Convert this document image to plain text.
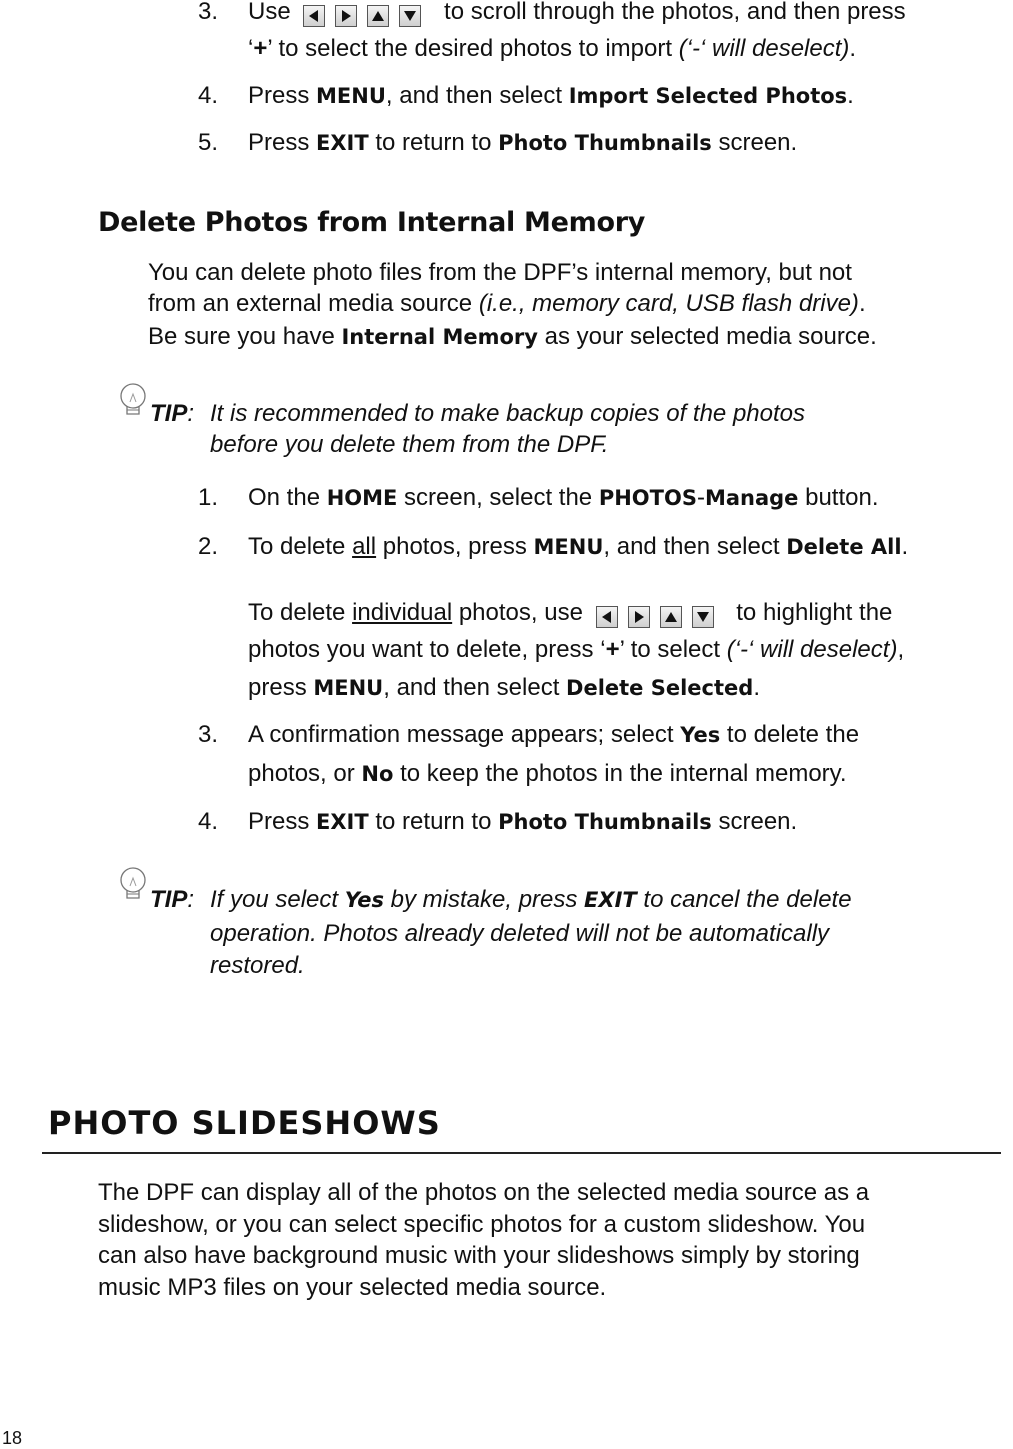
3. Use	to scroll through the photos, and then press
‘+’ to select the desired photos to import (‘-‘ will deselect).
4. Press MENU, and then select Import Selected Photos.
5. Press EXIT to return to Photo Thumbnails screen.
Delete Photos from Internal Memory
You can delete photo files from the DPF’s internal memory, but not
from an external media source (i.e., memory card, USB flash drive).
Be sure you have Internal Memory as your selected media source.
TIP: It is recommended to make backup copies of the photos
before you delete them from the DPF.
1. On the HOME screen, select the PHOTOS-Manage button.
2. To delete all photos, press MENU, and then select Delete All.
To delete individual photos, use	to highlight the
photos you want to delete, press ‘+’ to select (‘-‘ will deselect),
press MENU, and then select Delete Selected.
3. A confirmation message appears; select Yes to delete the
photos, or No to keep the photos in the internal memory.
4. Press EXIT to return to Photo Thumbnails screen.
TIP: If you select Yes by mistake, press EXIT to cancel the delete
operation. Photos already deleted will not be automatically
restored.
PHOTO SLIDESHOWS
The DPF can display all of the photos on the selected media source as a
slideshow, or you can select specific photos for a custom slideshow. You
can also have background music with your slideshows simply by storing
music MP3 files on your selected media source.
18
